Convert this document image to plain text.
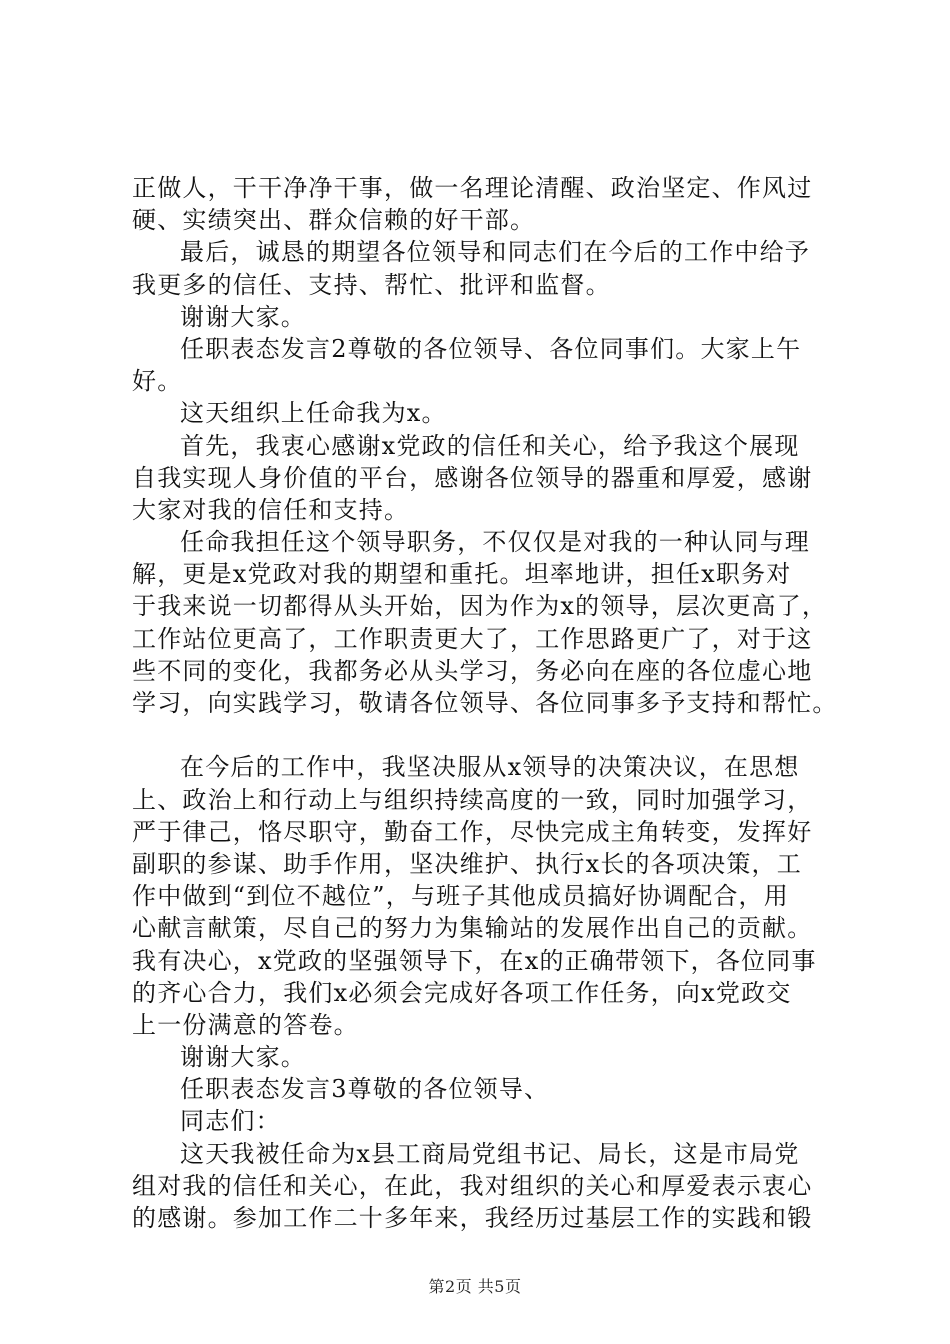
正做人，干干净净干事，做一名理论清醒、政治坚定、作风过
硬、实绩突出、群众信赖的好干部。
最后，诚恳的期望各位领导和同志们在今后的工作中给予
我更多的信任、支持、帮忙、批评和监督。
谢谢大家。
任职表态发言2尊敬的各位领导、各位同事们。大家上午
好。
这天组织上任命我为x。
首先，我衷心感谢x党政的信任和关心，给予我这个展现
自我实现人身价值的平台，感谢各位领导的器重和厚爱，感谢
大家对我的信任和支持。
任命我担任这个领导职务，不仅仅是对我的一种认同与理
解，更是x党政对我的期望和重托。坦率地讲，担任x职务对
于我来说一切都得从头开始，因为作为x的领导，层次更高了，
工作站位更高了，工作职责更大了，工作思路更广了，对于这
些不同的变化，我都务必从头学习，务必向在座的各位虚心地
学习，向实践学习，敬请各位领导、各位同事多予支持和帮忙。
在今后的工作中，我坚决服从x领导的决策决议，在思想
上、政治上和行动上与组织持续高度的一致，同时加强学习，
严于律己，恪尽职守，勤奋工作，尽快完成主角转变，发挥好
副职的参谋、助手作用，坚决维护、执行x长的各项决策，工
作中做到“到位不越位”，与班子其他成员搞好协调配合，用
心献言献策，尽自己的努力为集输站的发展作出自己的贡献。
我有决心，x党政的坚强领导下，在x的正确带领下，各位同事
的齐心合力，我们x必须会完成好各项工作任务，向x党政交
上一份满意的答卷。
谢谢大家。
任职表态发言3尊敬的各位领导、
同志们：
这天我被任命为x县工商局党组书记、局长，这是市局党
组对我的信任和关心，在此，我对组织的关心和厚爱表示衷心
的感谢。参加工作二十多年来，我经历过基层工作的实践和锻
第2页 共5页
